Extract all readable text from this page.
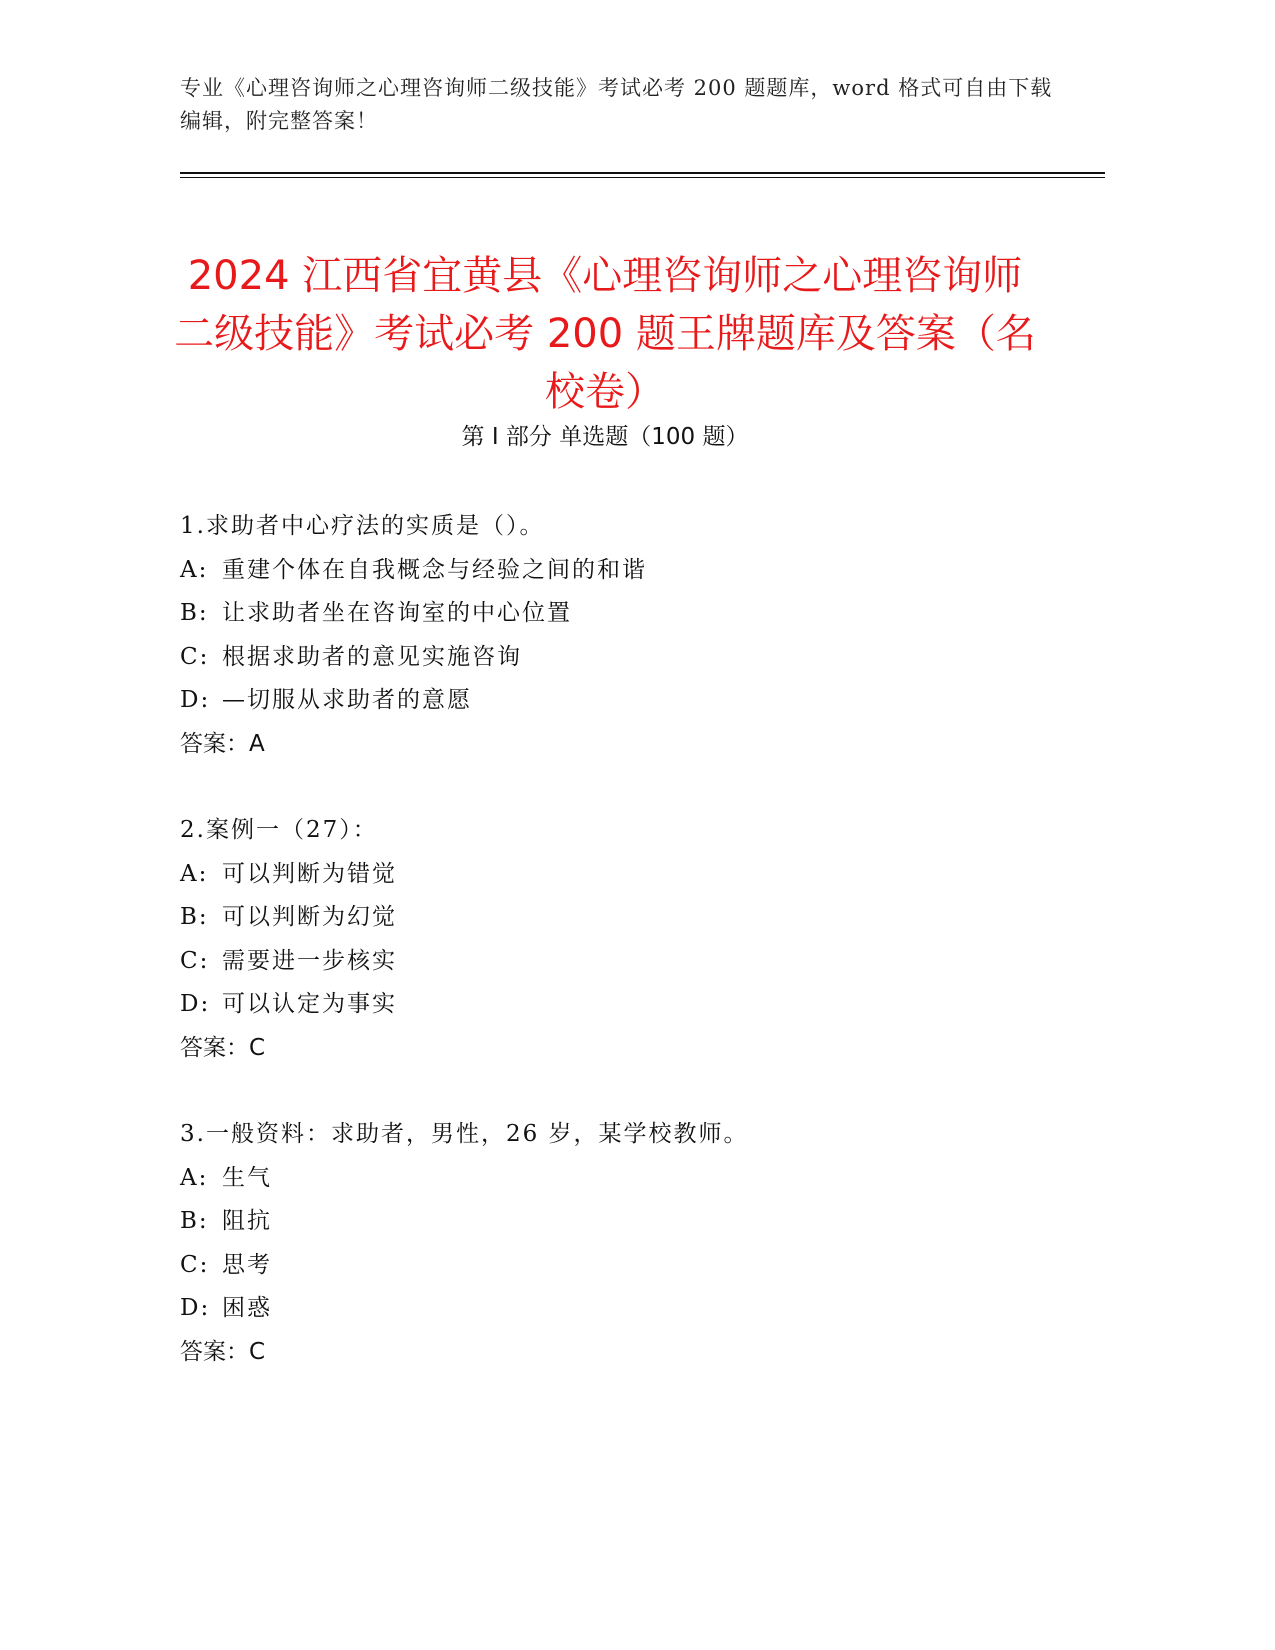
专业《心理咨询师之心理咨询师二级技能》考试必考 200 题题库，word 格式可自由下载编辑，附完整答案！
2024 江西省宜黄县《心理咨询师之心理咨询师二级技能》考试必考 200 题王牌题库及答案（名校卷）
第 I 部分 单选题（100 题）
1.求助者中心疗法的实质是（）。
A: 重建个体在自我概念与经验之间的和谐
B: 让求助者坐在咨询室的中心位置
C: 根据求助者的意见实施咨询
D: —切服从求助者的意愿
答案：A
2.案例一（27）：
A: 可以判断为错觉
B: 可以判断为幻觉
C: 需要进一步核实
D: 可以认定为事实
答案：C
3.一般资料：求助者，男性，26 岁，某学校教师。
A: 生气
B: 阻抗
C: 思考
D: 困惑
答案：C
